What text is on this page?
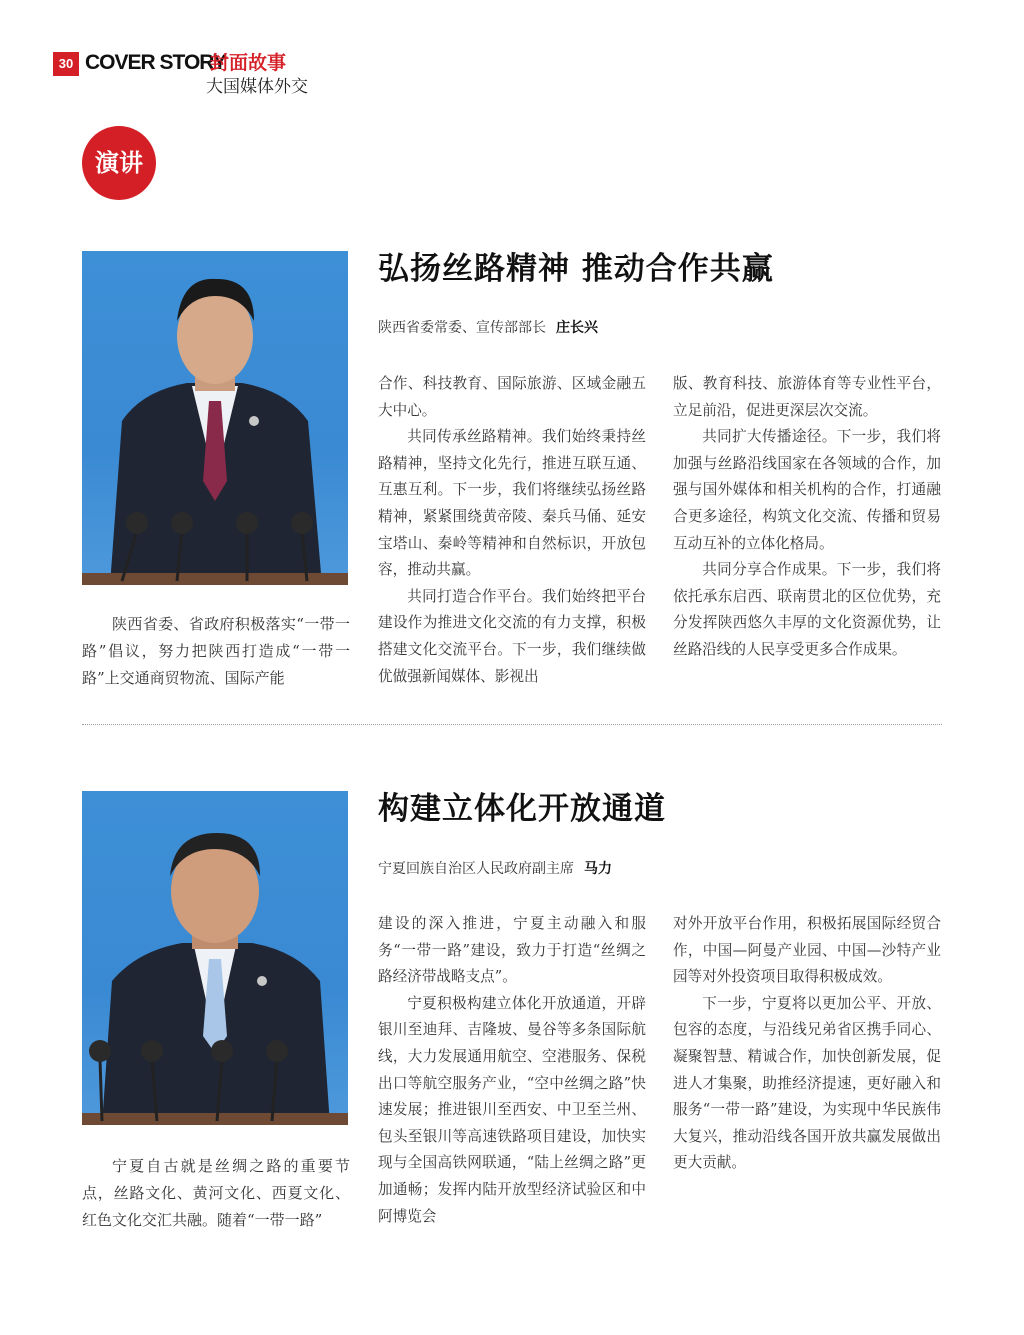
30 COVER STORY
封面故事
大国媒体外交
演讲
陕西省委、省政府积极落实“一带一路”倡议，努力把陕西打造成“一带一路”上交通商贸物流、国际产能
弘扬丝路精神 推动合作共赢
陕西省委常委、宣传部部长 庄长兴

合作、科技教育、国际旅游、区域金融五大中心。

共同传承丝路精神。我们始终秉持丝路精神，坚持文化先行，推进互联互通、互惠互利。下一步，我们将继续弘扬丝路精神，紧紧围绕黄帝陵、秦兵马俑、延安宝塔山、秦岭等精神和自然标识，开放包容，推动共赢。

共同打造合作平台。我们始终把平台建设作为推进文化交流的有力支撑，积极搭建文化交流平台。下一步，我们继续做优做强新闻媒体、影视出

版、教育科技、旅游体育等专业性平台，立足前沿，促进更深层次交流。

共同扩大传播途径。下一步，我们将加强与丝路沿线国家在各领域的合作，加强与国外媒体和相关机构的合作，打通融合更多途径，构筑文化交流、传播和贸易互动互补的立体化格局。

共同分享合作成果。下一步，我们将依托承东启西、联南贯北的区位优势，充分发挥陕西悠久丰厚的文化资源优势，让丝路沿线的人民享受更多合作成果。

宁夏自古就是丝绸之路的重要节点，丝路文化、黄河文化、西夏文化、红色文化交汇共融。随着“一带一路”
构建立体化开放通道
宁夏回族自治区人民政府副主席 马力

建设的深入推进，宁夏主动融入和服务“一带一路”建设，致力于打造“丝绸之路经济带战略支点”。

宁夏积极构建立体化开放通道，开辟银川至迪拜、吉隆坡、曼谷等多条国际航线，大力发展通用航空、空港服务、保税出口等航空服务产业，“空中丝绸之路”快速发展；推进银川至西安、中卫至兰州、包头至银川等高速铁路项目建设，加快实现与全国高铁网联通，“陆上丝绸之路”更加通畅；发挥内陆开放型经济试验区和中阿博览会

对外开放平台作用，积极拓展国际经贸合作，中国—阿曼产业园、中国—沙特产业园等对外投资项目取得积极成效。

下一步，宁夏将以更加公平、开放、包容的态度，与沿线兄弟省区携手同心、凝聚智慧、精诚合作，加快创新发展，促进人才集聚，助推经济提速，更好融入和服务“一带一路”建设，为实现中华民族伟大复兴，推动沿线各国开放共赢发展做出更大贡献。
